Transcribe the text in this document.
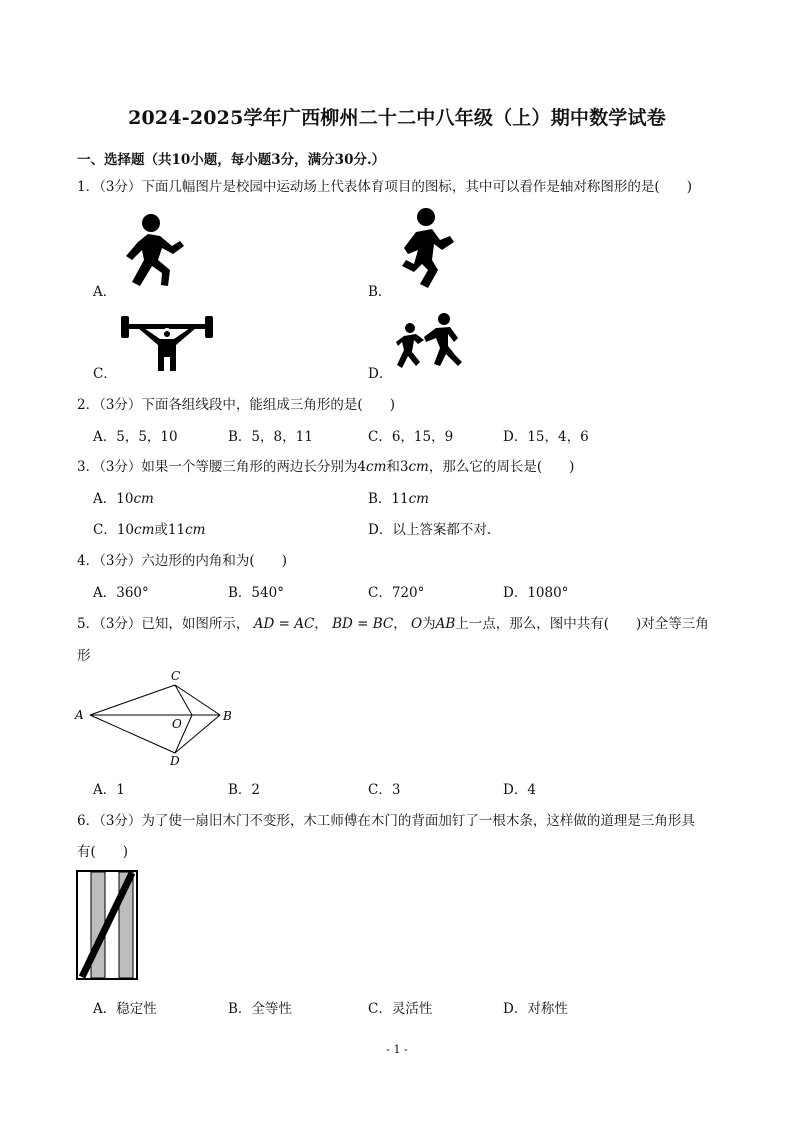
2024-2025学年广西柳州二十二中八年级（上）期中数学试卷
一、选择题（共10小题，每小题3分，满分30分.）
1．（3分）下面几幅图片是校园中运动场上代表体育项目的图标，其中可以看作是轴对称图形的是(　　)
A．	B．
C．	D．
2．（3分）下面各组线段中，能组成三角形的是(　　)
A．5，5，10	B．5，8，11	C．6，15，9	D．15，4，6
3．（3分）如果一个等腰三角形的两边长分别为4cm和3cm，那么它的周长是(　　)
A．10cm	B．11cm
C．10cm或11cm	D．以上答案都不对.
4．（3分）六边形的内角和为(　　)
A．360°	B．540°	C．720°	D．1080°
5．（3分）已知，如图所示， AD = AC， BD = BC， O为AB上一点，那么，图中共有(　　)对全等三角
形
A	B
C
D
O
A．1	B．2	C．3	D．4
6．（3分）为了使一扇旧木门不变形，木工师傅在木门的背面加钉了一根木条，这样做的道理是三角形具
有(　　)
A．稳定性	B．全等性	C．灵活性	D．对称性
- 1 -
